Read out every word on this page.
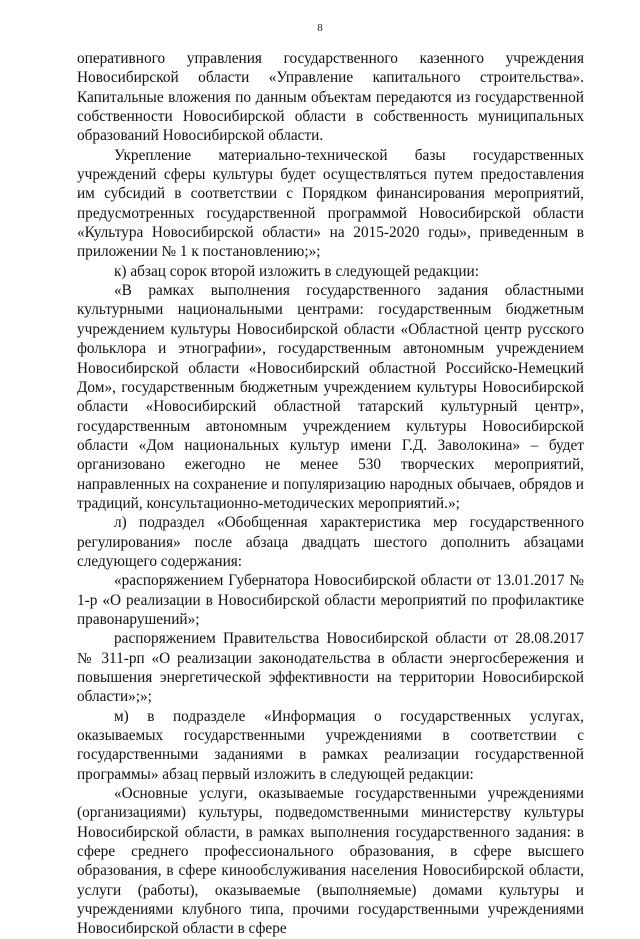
8

оперативного управления государственного казенного учреждения Новосибирской области «Управление капитального строительства». Капитальные вложения по данным объектам передаются из государственной собственности Новосибирской области в собственность муниципальных образований Новосибирской области.

Укрепление материально-технической базы государственных учреждений сферы культуры будет осуществляться путем предоставления им субсидий в соответствии с Порядком финансирования мероприятий, предусмотренных государственной программой Новосибирской области «Культура Новосибирской области» на 2015-2020 годы», приведенным в приложении № 1 к постановлению;»;

к) абзац сорок второй изложить в следующей редакции:

«В рамках выполнения государственного задания областными культурными национальными центрами: государственным бюджетным учреждением культуры Новосибирской области «Областной центр русского фольклора и этнографии», государственным автономным учреждением Новосибирской области «Новосибирский областной Российско-Немецкий Дом», государственным бюджетным учреждением культуры Новосибирской области «Новосибирский областной татарский культурный центр», государственным автономным учреждением культуры Новосибирской области «Дом национальных культур имени Г.Д. Заволокина» – будет организовано ежегодно не менее 530 творческих мероприятий, направленных на сохранение и популяризацию народных обычаев, обрядов и традиций, консультационно-методических мероприятий.»;

л) подраздел «Обобщенная характеристика мер государственного регулирования» после абзаца двадцать шестого дополнить абзацами следующего содержания:

«распоряжением Губернатора Новосибирской области от 13.01.2017 № 1-р «О реализации в Новосибирской области мероприятий по профилактике правонарушений»;

распоряжением Правительства Новосибирской области от 28.08.2017 № 311-рп «О реализации законодательства в области энергосбережения и повышения энергетической эффективности на территории Новосибирской области»;»;

м) в подразделе «Информация о государственных услугах, оказываемых государственными учреждениями в соответствии с государственными заданиями в рамках реализации государственной программы» абзац первый изложить в следующей редакции:

«Основные услуги, оказываемые государственными учреждениями (организациями) культуры, подведомственными министерству культуры Новосибирской области, в рамках выполнения государственного задания: в сфере среднего профессионального образования, в сфере высшего образования, в сфере кинообслуживания населения Новосибирской области, услуги (работы), оказываемые (выполняемые) домами культуры и учреждениями клубного типа, прочими государственными учреждениями Новосибирской области в сфере
